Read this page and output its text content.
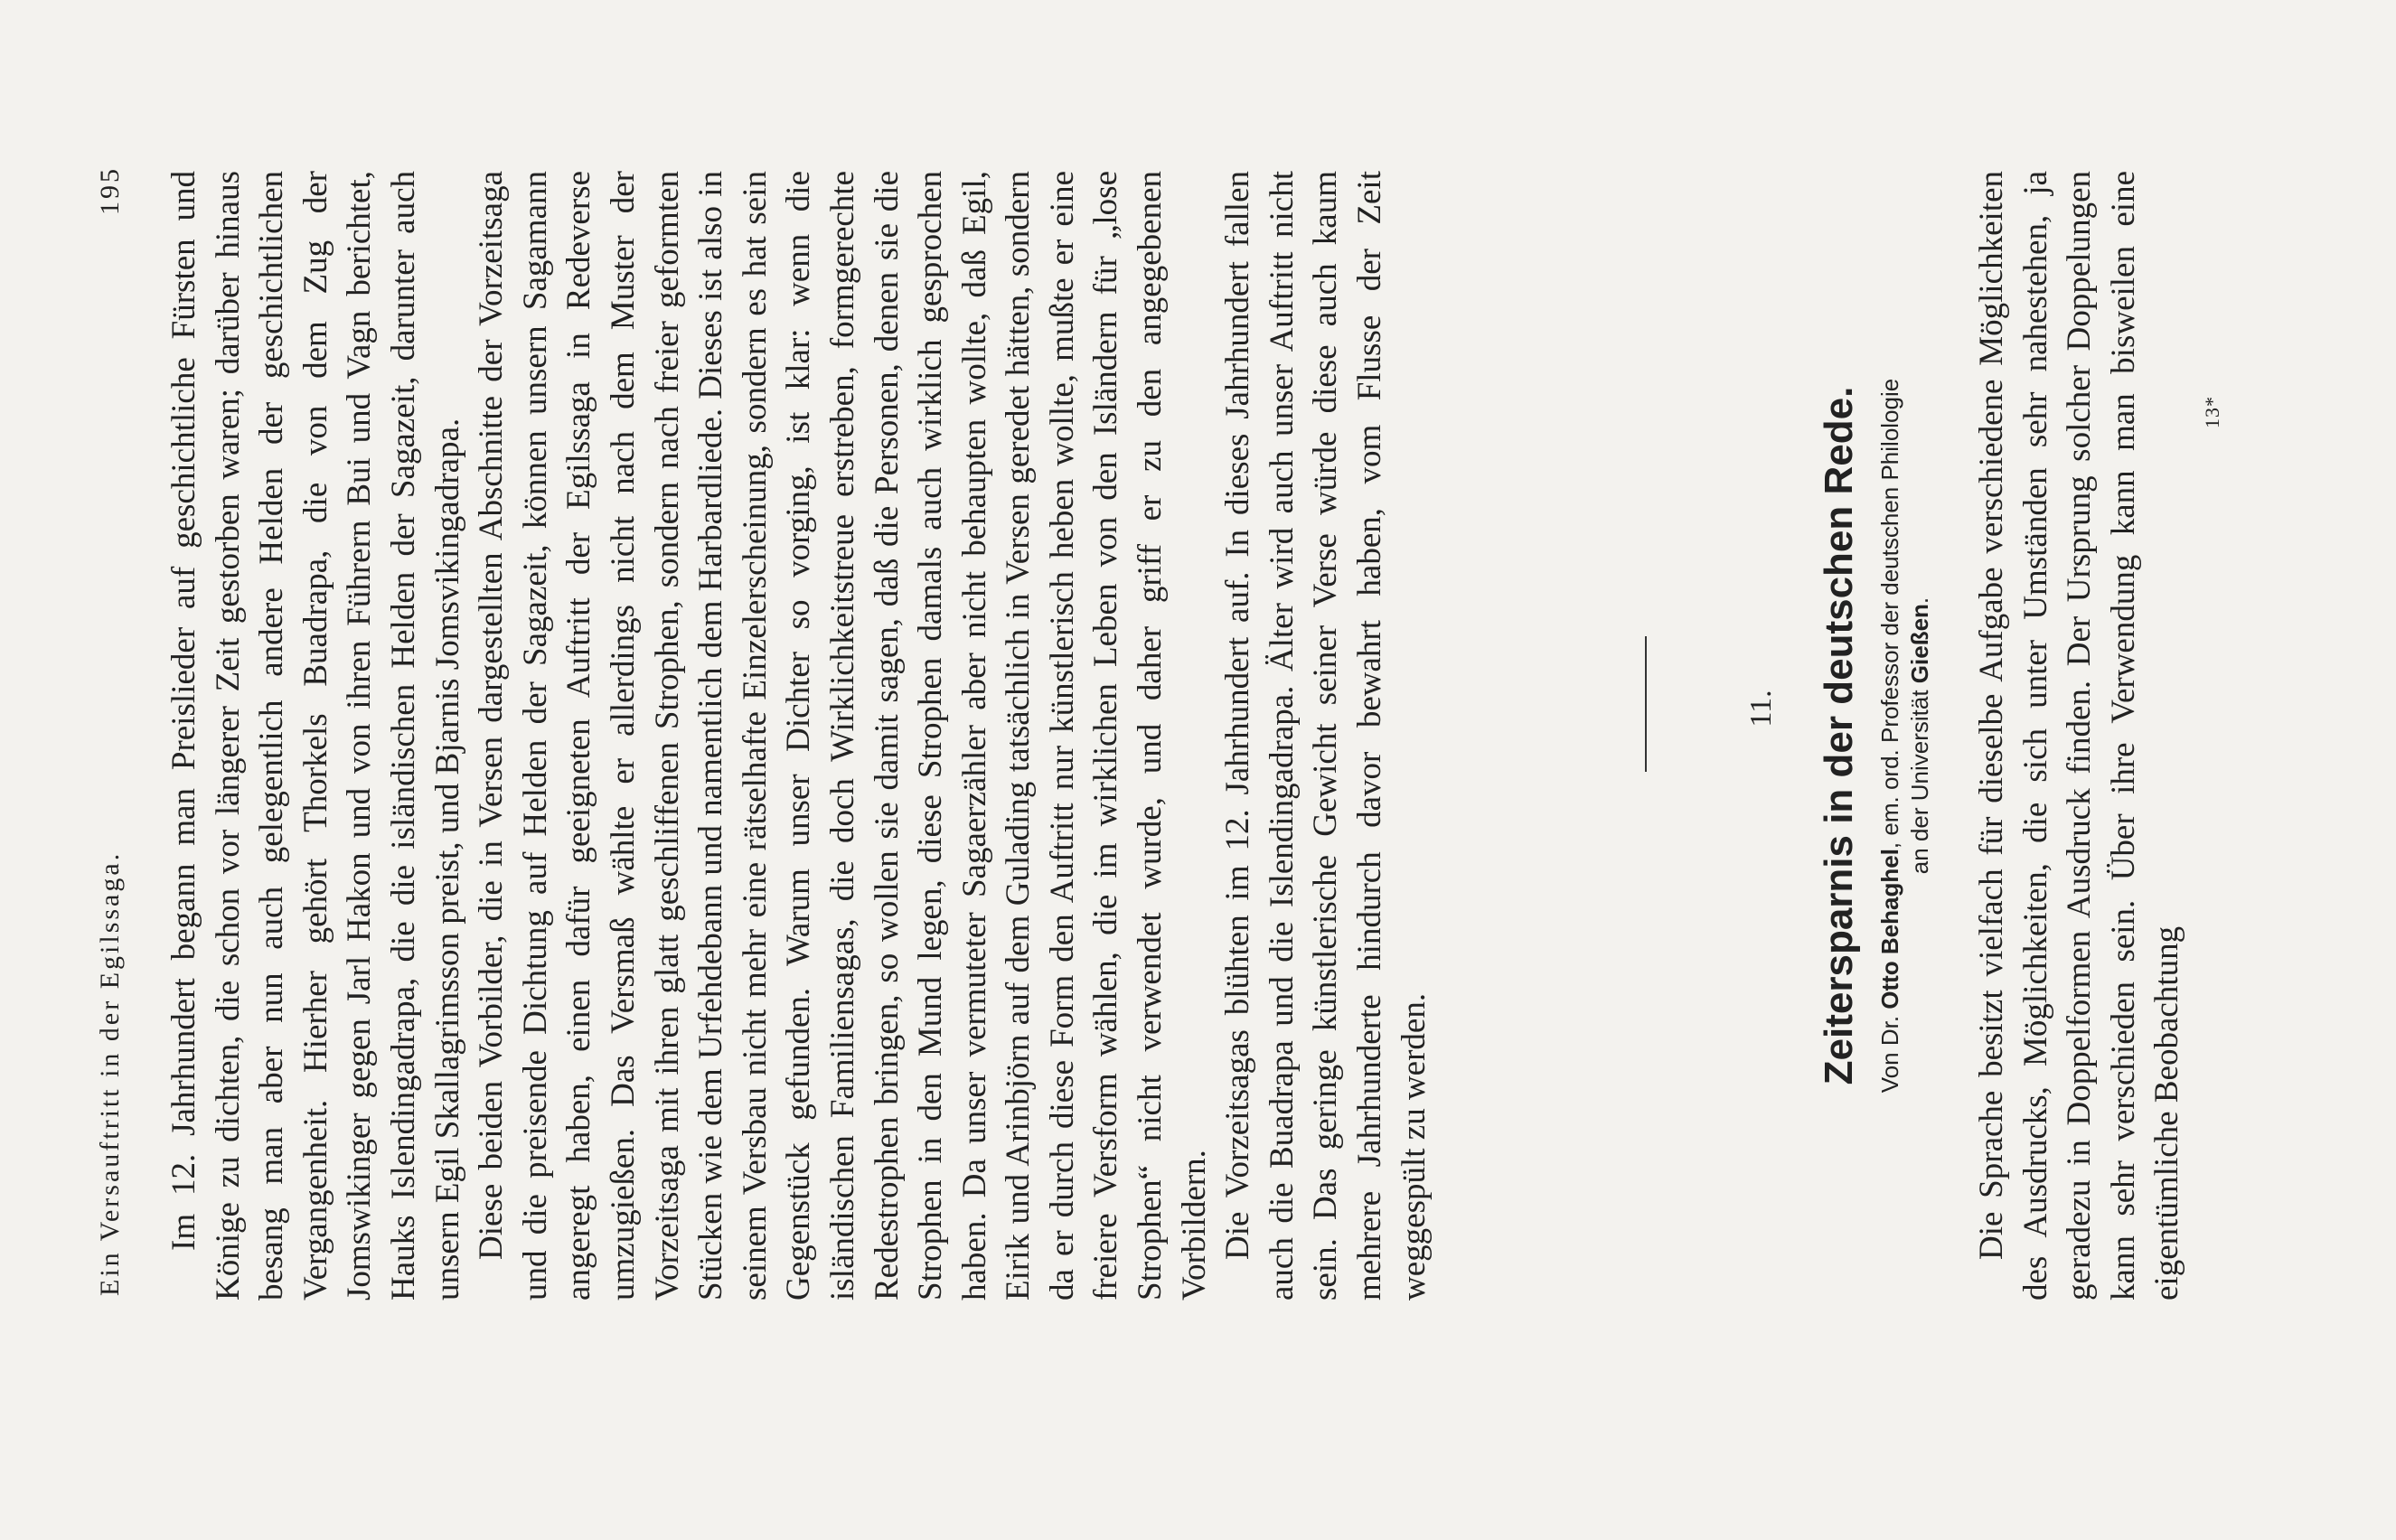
Ein Versauftritt in der Egilssaga.
195 Im 12. Jahrhundert begann man Preislieder auf geschichtliche Fürsten und Könige zu dichten, die schon vor längerer Zeit gestorben waren; darüber hinaus besang man aber nun auch gelegentlich andere Helden der geschichtlichen Vergangenheit. Hierher gehört Thorkels Buadrapa, die von dem Zug der Jomswikinger gegen Jarl Hakon und von ihren Führern Bui und Vagn berichtet, Hauks Islendingadrapa, die die isländischen Helden der Sagazeit, darunter auch unsern Egil Skallagrimsson preist, und Bjarnis Jomsvikingadrapa. Diese beiden Vorbilder, die in Versen dargestellten Abschnitte der Vorzeitsaga und die preisende Dichtung auf Helden der Sagazeit, können unsern Sagamann angeregt haben, einen dafür geeigneten Auftritt der Egilssaga in Redeverse umzugießen. Das Versmaß wählte er allerdings nicht nach dem Muster der Vorzeitsaga mit ihren glatt geschliffenen Strophen, sondern nach freier geformten Stücken wie dem Urfehdebann und namentlich dem Harbardliede. Dieses ist also in seinem Versbau nicht mehr eine rätselhafte Einzelerscheinung, sondern es hat sein Gegenstück gefunden. Warum unser Dichter so vorging, ist klar: wenn die isländischen Familiensagas, die doch Wirklichkeitstreue erstreben, formgerechte Redestrophen bringen, so wollen sie damit sagen, daß die Personen, denen sie die Strophen in den Mund legen, diese Strophen damals auch wirklich gesprochen haben. Da unser vermuteter Sagaerzähler aber nicht behaupten wollte, daß Egil, Eirik und Arinbjörn auf dem Gulading tatsächlich in Versen geredet hätten, sondern da er durch diese Form den Auftritt nur künstlerisch heben wollte, mußte er eine freiere Versform wählen, die im wirklichen Leben von den Isländern für „lose Strophen“ nicht verwendet wurde, und daher griff er zu den angegebenen Vorbildern. Die Vorzeitsagas blühten im 12. Jahrhundert auf. In dieses Jahrhundert fallen auch die Buadrapa und die Islendingadrapa. Älter wird auch unser Auftritt nicht sein. Das geringe künstlerische Gewicht seiner Verse würde diese auch kaum mehrere Jahrhunderte hindurch davor bewahrt haben, vom Flusse der Zeit weggespült zu werden.

11. Zeitersparnis in der deutschen Rede. Von Dr. Otto Behaghel, em. ord. Professor der deutschen Philologie an der Universität Gießen. Die Sprache besitzt vielfach für dieselbe Aufgabe verschiedene Möglichkeiten des Ausdrucks, Möglichkeiten, die sich unter Umständen sehr nahestehen, ja geradezu in Doppelformen Ausdruck finden. Der Ursprung solcher Doppelungen kann sehr verschieden sein. Über ihre Verwendung kann man bisweilen eine eigentümliche Beobachtung

13*
